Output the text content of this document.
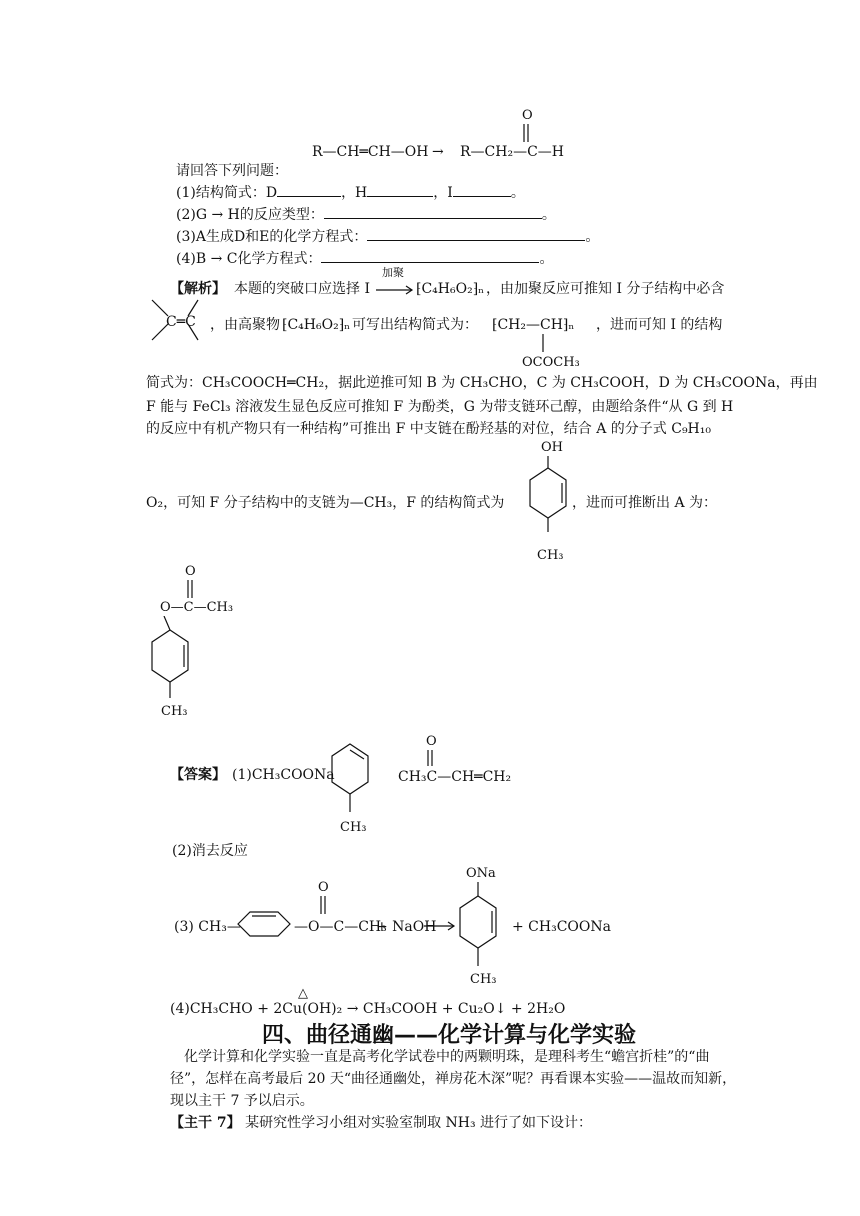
R—CH═CH—OH → R—CH₂—C—H
O
请回答下列问题：
(1)结构简式：D	，H	，I	。
(2)G → H的反应类型：	。
(3)A生成D和E的化学方程式：	。
(4)B → C化学方程式：	。
【解析】 本题的突破口应选择 I
加聚
⁅C₄H₆O₂⁆ₙ ，由加聚反应可推知 I 分子结构中必含
C═C ，由高聚物 ⁅C₄H₆O₂⁆ₙ 可写出结构简式为： ⁅CH₂—CH⁆ₙ ，进而可知 I 的结构
OCOCH₃
简式为：CH₃COOCH═CH₂，据此逆推可知 B 为 CH₃CHO，C 为 CH₃COOH，D 为 CH₃COONa，再由
F 能与 FeCl₃ 溶液发生显色反应可推知 F 为酚类，G 为带支链环己醇，由题给条件“从 G 到 H
的反应中有机产物只有一种结构”可推出 F 中支链在酚羟基的对位，结合 A 的分子式 C₉H₁₀
OH
O₂，可知 F 分子结构中的支链为—CH₃，F 的结构简式为	，进而可推断出 A 为：
CH₃
O
O—C—CH₃
CH₃
【答案】 (1)CH₃COONa
CH₃
O
CH₃C—CH═CH₂
(2)消去反应
(3) CH₃—	—O—C—CH₃
O
+ NaOH
ONa
+ CH₃COONa
CH₃
△
(4)CH₃CHO + 2Cu(OH)₂ → CH₃COOH + Cu₂O↓ + 2H₂O
四、曲径通幽——化学计算与化学实验
化学计算和化学实验一直是高考化学试卷中的两颗明珠，是理科考生“蟾宫折桂”的“曲
径”，怎样在高考最后 20 天“曲径通幽处，禅房花木深”呢？再看课本实验——温故而知新，
现以主干 7 予以启示。
【主干 7】 某研究性学习小组对实验室制取 NH₃ 进行了如下设计：
